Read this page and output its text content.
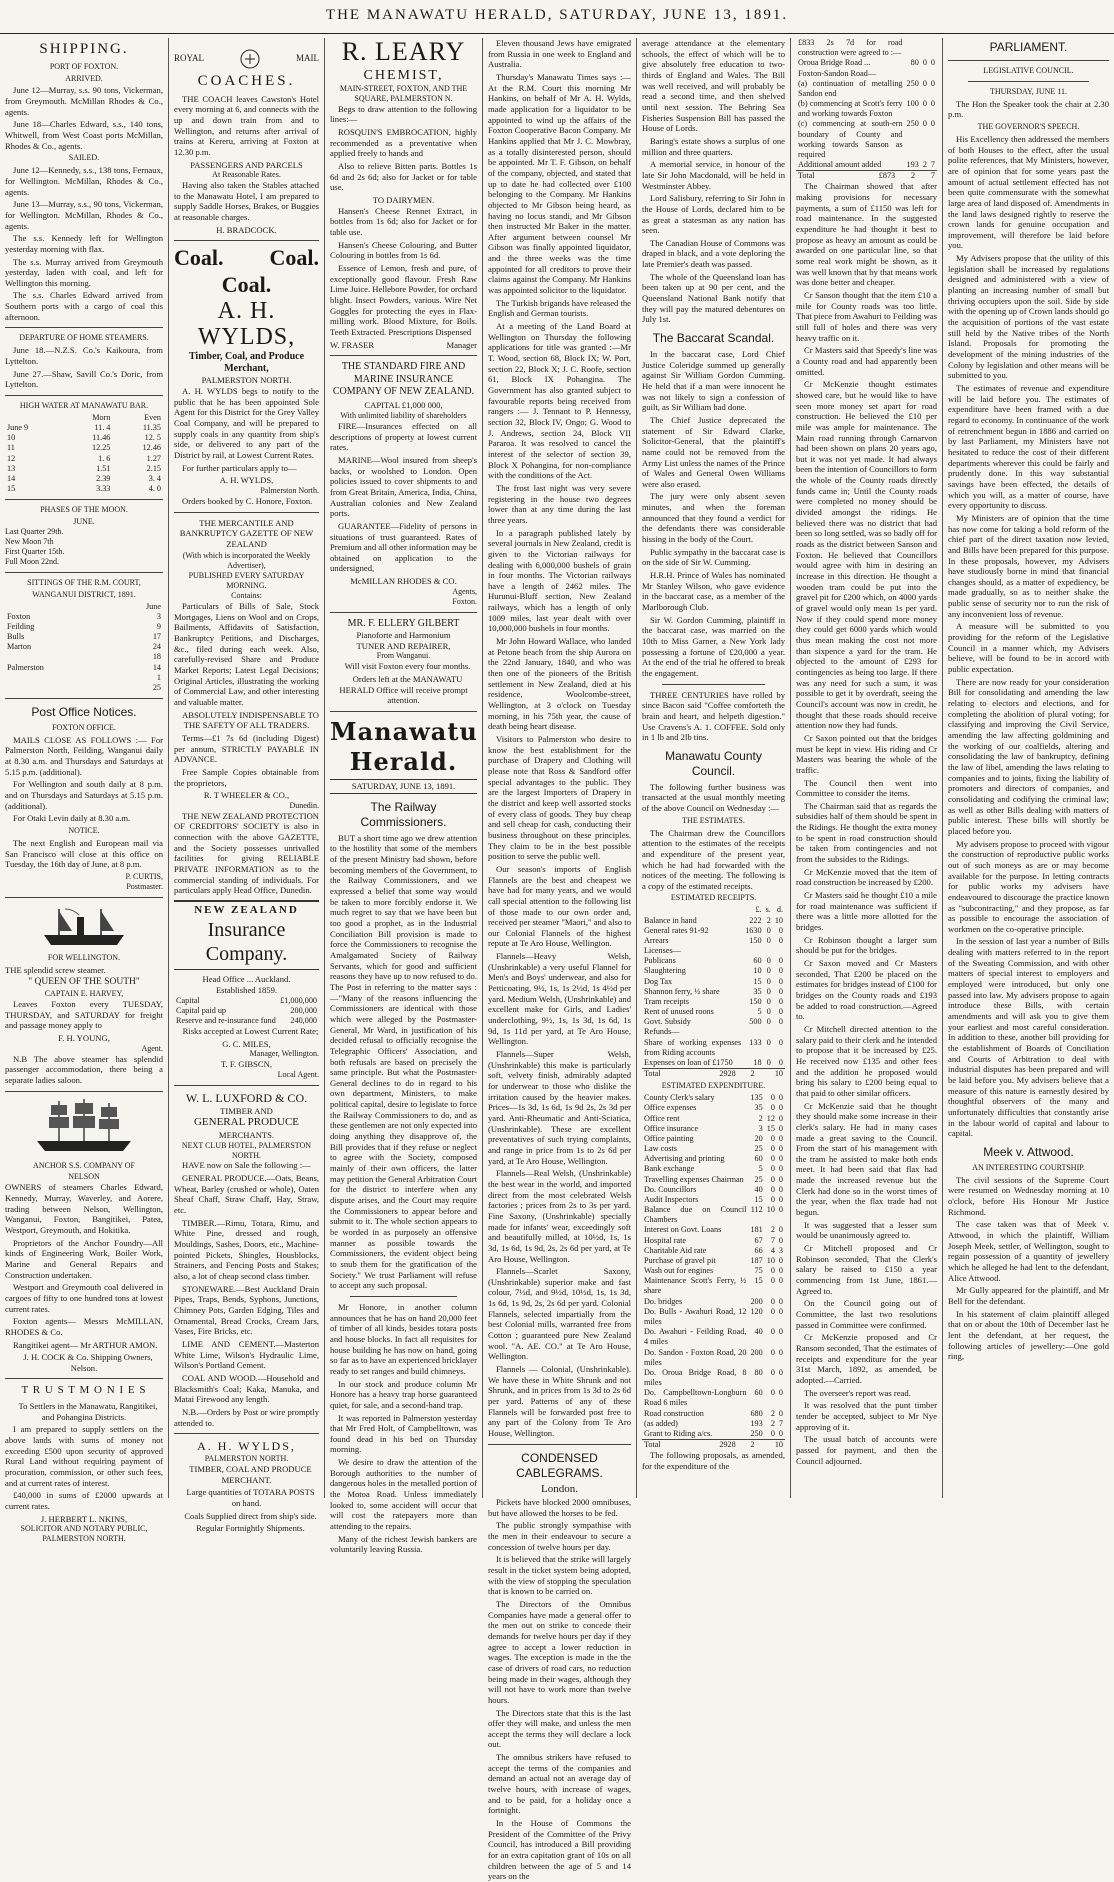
THE MANAWATU HERALD, SATURDAY, JUNE 13, 1891.
SHIPPING.
PORT OF FOXTON.
ARRIVED.

June 12—Murray, s.s. 90 tons, Vickerman, from Greymouth. McMillan Rhodes & Co., agents.

June 18—Charles Edward, s.s., 140 tons, Whitwell, from West Coast ports McMillan, Rhodes & Co., agents.

SAILED.

June 12—Kennedy, s.s., 138 tons, Fernaux, for Wellington. McMillan, Rhodes & Co., agents.

June 13—Murray, s.s., 90 tons, Vickerman, for Wellington. McMillan, Rhodes & Co., agents.

The s.s. Kennedy left for Wellington yesterday morning with flax.

The s.s. Murray arrived from Greymouth yesterday, laden with coal, and left for Wellington this morning.

The s.s. Charles Edward arrived from Southern ports with a cargo of coal this afternoon.

DEPARTURE OF HOME STEAMERS.

June 18.—N.Z.S. Co.'s Kaikoura, from Lyttelton.

June 27.—Shaw, Savill Co.'s Doric, from Lyttelton.

HIGH WATER AT MANAWATU BAR.
	Morn	Even
June 9	11. 4	11.35
10	11.46	12. 5
11	12.25	12.46
12	1. 6	1.27
13	1.51	2.15
14	2.39	3. 4
15	3.33	4. 0
PHASES OF THE MOON.
JUNE.
Last Quarter 29th.
New Moon 7th
First Quarter 15th.
Full Moon 22nd.
SITTINGS OF THE R.M. COURT,
WANGANUI DISTRICT, 1891.
	June
Foxton	3
Feilding	9
Bulls	17
Marton	24
	18
Palmerston	14
	1
	25
Post Office Notices.
FOXTON OFFICE.

MAILS CLOSE AS FOLLOWS :— For Palmerston North, Feilding, Wanganui daily at 8.30 a.m. and Thursdays and Saturdays at 5.15 p.m. (additional).

For Wellington and south daily at 8 p.m. and on Thursdays and Saturdays at 5.15 p.m. (additional).

For Otaki Levin daily at 8.30 a.m.

NOTICE.

The next English and European mail via San Francisco will close at this office on Tuesday, the 16th day of June, at 8 p.m.

P. CURTIS,
Postmaster.
FOR WELLINGTON.

THE splendid screw steamer.

" QUEEN OF THE SOUTH"
CAPTAIN E. HARVEY,

Leaves Foxton every TUESDAY, THURSDAY, and SATURDAY for freight and passage money apply to

F. H. YOUNG,
Agent.

N.B The above steamer has splendid passenger accommodation, there being a separate ladies saloon.

ANCHOR S.S. COMPANY OF
NELSON

OWNERS of steamers Charles Edward, Kennedy, Murray, Waverley, and Aorere, trading between Nelson, Wellington, Wanganui, Foxton, Bangitikei, Patea, Westport, Greymouth, and Hokitika.

Proprietors of the Anchor Foundry—All kinds of Engineering Work, Boiler Work, Marine and General Repairs and Construction undertaken.

Westport and Greymouth coal delivered in cargoes of fifty to one hundred tons at lowest current rates.

Foxton agents— Messrs McMILLAN, RHODES & Co.

Rangitikei agent— Mr ARTHUR AMON.

J. H. COCK & Co. Shipping Owners, Nelson.

T R U S T M O N I E S

To Settlers in the Manawatu, Rangitikei, and Pohangina Districts.

I am prepared to supply settlers on the above lands with sums of money not exceeding £500 upon security of approved Rural Land without requiring payment of procuration, commission, or other such fees, and at current rates of interest.

£40,000 in sums of £2000 upwards at current rates.

J. HERBERT L. NKINS,
SOLICITOR AND NOTARY PUBLIC, PALMERSTON NORTH.
ROYAL	MAIL
COACHES.

THE COACH leaves Cawston's Hotel every morning at 6, and connects with the up and down train from and to Wellington, and returns after arrival of trains at Kereru, arriving at Foxton at 12.30 p.m.

PASSENGERS AND PARCELS
At Reasonable Rates.

Having also taken the Stables attached to the Manawatu Hotel, I am prepared to supply Saddle Horses, Brakes, or Buggies at reasonable charges.

H. BRADCOCK.
Coal. Coal.
Coal.
A. H. WYLDS,
Timber, Coal, and Produce Merchant,
PALMERSTON NORTH.

A. H. WYLDS begs to notify to the public that he has been appointed Sole Agent for this District for the Grey Valley Coal Company, and will be prepared to supply coals in any quantity from ship's side, or delivered to any part of the District by rail, at Lowest Current Rates.

For further particulars apply to—

A. H. WYLDS,
Palmerston North.

Orders booked by C. Honore, Foxton.

THE MERCANTILE AND BANKRUPTCY GAZETTE OF NEW ZEALAND

(With which is incorporated the Weekly Advertiser),
PUBLISHED EVERY SATURDAY MORNING.
Contains:

Particulars of Bills of Sale, Stock Mortgages, Liens on Wool and on Crops, Bailments, Affidavits of Satisfaction, Bankruptcy Petitions, and Discharges, &c., filed during each week. Also, carefully-revised Share and Produce Market Reports; Latest Legal Decisions; Original Articles, illustrating the working of Commercial Law, and other interesting and valuable matter.

ABSOLUTELY INDISPENSABLE TO THE SAFETY OF ALL TRADERS.

Terms—£1 7s 6d (including Digest) per annum, STRICTLY PAYABLE IN ADVANCE.

Free Sample Copies obtainable from the proprietors,

R. T WHEELER & CO.,
Dunedin.

THE NEW ZEALAND PROTECTION OF CREDITORS' SOCIETY is also in connection with the above GAZETTE, and the Society possesses unrivalled facilities for giving RELIABLE PRIVATE INFORMATION as to the commercial standing of individuals. For particulars apply Head Office, Dunedin.

NEW ZEALAND
Insurance Company.
Head Office ... Auckland.
Established 1859.
Capital	£1,000,000
Capital paid up	200,000
Reserve and re-insurance fund	240,000

Risks accepted at Lowest Current Rate;

G. C. MILES,
Manager, Wellington.
T. F. GIBSCN,
Local Agent.
W. L. LUXFORD & CO.
TIMBER AND
GENERAL PRODUCE
MERCHANTS.
NEXT CLUB HOTEL, PALMERSTON NORTH.

HAVE now on Sale the following :—

GENERAL PRODUCE.—Oats, Beans, Wheat, Barley (crushed or whole), Oaten Sheaf Chaff, Straw Chaff, Hay, Straw, etc.

TIMBER.—Rimu, Totara, Rimu, and White Pine, dressed and rough, Mouldings, Sashes, Doors, etc., Machine-pointed Pickets, Shingles, Housblocks, Strainers, and Fencing Posts and Stakes; also, a lot of cheap second class timber.

STONEWARE.—Best Auckland Drain Pipes, Traps, Bends, Syphons, Junctions, Chimney Pots, Garden Edging, Tiles and Ornamental, Bread Crocks, Cream Jars, Vases, Fire Bricks, etc.

LIME AND CEMENT.—Masterton White Lime, Wilson's Hydraulic Lime, Wilson's Portland Cement.

COAL AND WOOD.—Household and Blacksmith's Coal; Kaka, Manuka, and Matai Firewood any length.

N.B.—Orders by Post or wire promptly attended to.

A. H. WYLDS,
PALMERSTON NORTH.

TIMBER, COAL AND PRODUCE MERCHANT.

Large quantities of TOTARA POSTS on hand.

Coals Supplied direct from ship's side.

Regular Fortnightly Shipments.

R. LEARY
CHEMIST,
MAIN-STREET, FOXTON, AND THE SQUARE, PALMERSTON N.

Begs to draw attention to the following lines:—

ROSQUIN'S EMBROCATION, highly recommended as a preventative when applied freely to hands and

Also to relieve Bitten parts. Bottles 1s 6d and 2s 6d; also for Jacket or for table use.

TO DAIRYMEN.

Hansen's Cheese Rennet Extract, in bottles from 1s 6d; also for Jacket or for table use.

Hansen's Cheese Colouring, and Butter Colouring in bottles from 1s 6d.

Essence of Lemon, fresh and pure, of exceptionally good flavour. Fresh Raw Lime Juice. Hellebore Powder, for orchard blight. Insect Powders, various. Wire Net Goggles for protecting the eyes in Flax-milling work. Blood Mixture, for Boils. Teeth Extracted. Prescriptions Dispensed

W. FRASER	Manager

THE STANDARD FIRE AND MARINE INSURANCE COMPANY OF NEW ZEALAND.

CAPITAL £1,000 000,
With unlimited liability of shareholders

FIRE—Insurances effected on all descriptions of property at lowest current rates.

MARINE—Wool insured from sheep's backs, or woolshed to London. Open policies issued to cover shipments to and from Great Britain, America, India, China, Australian colonies and New Zealand ports.

GUARANTEE—Fidelity of persons in situations of trust guaranteed. Rates of Premium and all other information may be obtained on application to the undersigned,

McMILLAN RHODES & CO.
Agents,
Foxton.
MR. F. ELLERY GILBERT
Pianoforte and Harmonium
TUNER AND REPAIRER,
From Wanganui.

Will visit Foxton every four months.

Orders left at the MANAWATU HERALD Office will receive prompt attention.

Manawatu Herald.
SATURDAY, JUNE 13, 1891.
The Railway Commissioners.

BUT a short time ago we drew attention to the hostility that some of the members of the present Ministry had shown, before becoming members of the Government, to the Railway Commissioners, and we expressed a belief that some way would be taken to more forcibly endorse it. We much regret to say that we have been but too good a prophet, as in the Industrial Conciliation Bill provision is made to force the Commissioners to recognise the Amalgamated Society of Railway Servants, which for good and sufficient reasons they have up to now refused to do. The Post in referring to the matter says :—"Many of the reasons influencing the Commissioners are identical with those which were alleged by the Postmaster-General, Mr Ward, in justification of his decided refusal to officially recognise the Telegraphic Officers' Association, and both refusals are based on precisely the same principle. But what the Postmaster-General declines to do in regard to his own department, Ministers, to make political capital, desire to legislate to force the Railway Commissioners to do, and as these gentlemen are not only expected into doing anything they disapprove of, the Bill provides that if they refuse or neglect to agree with the Society, composed mainly of their own officers, the latter may petition the General Arbitration Court for the district to interfere when any dispute arises, and the Court may require the Commissioners to appear before and submit to it. The whole section appears to be worded in as purposely an offensive manner as possible towards the Commissioners, the evident object being to snub them for the gratification of the Society." We trust Parliament will refuse to accept any such proposal.

Mr Honore, in another column announces that he has on hand 20,000 feet of timber of all kinds, besides totara posts and house blocks. In fact all requisites for house building he has now on hand, going so far as to have an experienced bricklayer ready to set ranges and build chimneys.

In our stock and produce column Mr Honore has a heavy trap horse guaranteed quiet, for sale, and a second-hand trap.

It was reported in Palmerston yesterday that Mr Fred Holt, of Campbelltown, was found dead in his bed on Thursday morning.

We desire to draw the attention of the Borough authorities to the number of dangerous holes in the metalled portion of the Motoa Road. Unless immediately looked to, some accident will occur that will cost the ratepayers more than attending to the repairs.

Many of the richest Jewish bankers are voluntarily leaving Russia.

Eleven thousand Jews have emigrated from Russia in one week to England and Australia.

Thursday's Manawatu Times says :—At the R.M. Court this morning Mr Hankins, on behalf of Mr A. H. Wylds, made application for a liquidator to be appointed to wind up the affairs of the Foxton Cooperative Bacon Company. Mr Hankins applied that Mr J. C. Mowbray, as a totally disinterested person, should be appointed. Mr T. F. Gibson, on behalf of the company, objected, and stated that up to date he had collected over £100 belonging to the Company. Mr Hankins objected to Mr Gibson being heard, as having no locus standi, and Mr Gibson then instructed Mr Baker in the matter. After argument between counsel Mr Gibson was finally appointed liquidator, and the three weeks was the time appointed for all creditors to prove their claims against the Company. Mr Hankins was appointed solicitor to the liquidator.

The Turkish brigands have released the English and German tourists.

At a meeting of the Land Board at Wellington on Thursday the following applications for title was granted :—Mr T. Wood, section 68, Block IX; W. Port, section 22, Block X; J. C. Roofe, section 61, Block IX Pohangina. The Government has also granted subject to favourable reports being received from rangers :— J. Tennant to P. Hennessy, section 32, Block IV, Ongo; G. Wood to J. Andrews, section 24, Block VII Pararoa. It was resolved to cancel the interest of the selector of section 39, Block X Pohangina, for non-compliance with the conditions of the Act.

The frost last night was very severe registering in the house two degrees lower than at any time during the last three years.

In a paragraph published lately by several journals in New Zealand, credit is given to the Victorian railways for dealing with 6,000,000 bushels of grain in four months. The Victorian railways have a length of 2462 miles. The Hurunui-Bluff section, New Zealand railways, which has a length of only 1009 miles, last year dealt with over 10,000,000 bushels in four months.

Mr John Howard Wallace, who landed at Petone beach from the ship Aurora on the 22nd January, 1840, and who was then one of the pioneers of the British settlement in New Zealand, died at his residence, Woolcombe-street, Wellington, at 3 o'clock on Tuesday morning, in his 75th year, the cause of death being heart disease.

Visitors to Palmerston who desire to know the best establishment for the purchase of Drapery and Clothing will please note that Ross & Sandford offer special advantages to the public. They are the largest Importers of Drapery in the district and keep well assorted stocks of every class of goods. They buy cheap and sell cheap for cash, conducting their business throughout on these principles. They claim to be in the best possible position to serve the public well.

Our season's imports of English Flannels are the best and cheapest we have had for many years, and we would call special attention to the following list of those made to our own order and, received per steamer "Maori," and also to our Colonial Flannels of the highest repute at Te Aro House, Wellington.

Flannels—Heavy Welsh, (Unshrinkable) a very useful Flannel for Men's and Boys' underwear, and also for Petticoating, 9½, 1s, 1s 2½d, 1s 4½d per yard. Medium Welsh, (Unshrinkable) and excellent make for Girls, and Ladies' underclothing, 9½, 1s, 1s 3d, 1s 6d, 1s 9d, 1s 11d per yard, at Te Aro House, Wellington.

Flannels—Super Welsh, (Unshrinkable) this make is particularly soft, velvety finish, admirably adapted for underwear to those who dislike the irritation caused by the heavier makes. Prices—1s 3d, 1s 6d, 1s 9d 2s, 2s 3d per yard. Anti-Rheumatic and Anti-Sciatica, (Unshrinkable). These are excellent preventatives of such trying complaints, and range in price from 1s to 2s 6d per yard, at Te Aro House, Wellington.

Flannels—Real Welsh, (Unshrinkable) the best wear in the world, and imported direct from the most celebrated Welsh factories ; prices from 2s to 3s per yard. Fine Saxony, (Unshrinkable) specially made for infants' wear, exceedingly soft and beautifully milled, at 10½d, 1s, 1s 3d, 1s 6d, 1s 9d, 2s, 2s 6d per yard, at Te Aro House, Wellington.

Flannels—Scarlet Saxony, (Unshrinkable) superior make and fast colour, 7½d, and 9½d, 10½d, 1s, 1s 3d, 1s 6d, 1s 9d, 2s, 2s 6d per yard. Colonial Flannels, selected impartially from the best Colonial mills, warranted free from Cotton ; guaranteed pure New Zealand wool. "A. AE. CO." at Te Aro House, Wellington.

Flannels — Colonial, (Unshrinkable). We have these in White Shrunk and not Shrunk, and in prices from 1s 3d to 2s 6d per yard. Patterns of any of these Flannels will be forwarded post free to any part of the Colony from Te Aro House, Wellington.

CONDENSED CABLEGRAMS.
London.

Pickets have blocked 2000 omnibuses, but have allowed the horses to be fed.

The public strongly sympathise with the men in their endeavour to secure a concession of twelve hours per day.

It is believed that the strike will largely result in the ticket system being adopted, with the view of stopping the speculation that is known to be carried on.

The Directors of the Omnibus Companies have made a general offer to the men out on strike to concede their demands for twelve hours per day if they agree to accept a lower reduction in wages. The exception is made in the the case of drivers of road cars, no reduction being made in their wages, although they will not have to work more than twelve hours.

The Directors state that this is the last offer they will make, and unless the men accept the terms they will declare a lock out.

The omnibus strikers have refused to accept the terms of the companies and demand an actual not an average day of twelve hours, with increase of wages, and to be paid, for a holiday once a fortnight.

In the House of Commons the President of the Committee of the Privy Council, has introduced a Bill providing for an extra capitation grant of 10s on all children between the age of 5 and 14 years on the

average attendance at the elementary schools, the effect of which will be to give absolutely free education to two-thirds of England and Wales. The Bill was well received, and will probably be read a second time, and then shelved until next session. The Behring Sea Fisheries Suspension Bill has passed the House of Lords.

Baring's estate shows a surplus of one million and three quarters.

A memorial service, in honour of the late Sir John Macdonald, will be held in Westminster Abbey.

Lord Salisbury, referring to Sir John in the House of Lords, declared him to be as great a statesman as any nation has seen.

The Canadian House of Commons was draped in black, and a vote deploring the late Premier's death was passed.

The whole of the Queensland loan has been taken up at 90 per cent, and the Queensland National Bank notify that they will pay the matured debentures on July 1st.

The Baccarat Scandal.

In the baccarat case, Lord Chief Justice Coleridge summed up generally against Sir William Gordon Cumming. He held that if a man were innocent he was not likely to sign a confession of guilt, as Sir William had done.

The Chief Justice deprecated the statement of Sir Edward Clarke, Solicitor-General, that the plaintiff's name could not be removed from the Army List unless the names of the Prince of Wales and General Owen Williams were also erased.

The jury were only absent seven minutes, and when the foreman announced that they found a verdict for the defendants there was considerable hissing in the body of the Court.

Public sympathy in the baccarat case is on the side of Sir W. Cumming.

H.R.H. Prince of Wales has nominated Mr Stanley Wilson, who gave evidence in the baccarat case, as a member of the Marlborough Club.

Sir W. Gordon Cumming, plaintiff in the baccarat case, was married on the 10th to Miss Garner, a New York lady possessing a fortune of £20,000 a year. At the end of the trial he offered to break the engagement.

THREE CENTURIES have rolled by since Bacon said "Coffee comforteth the brain and heart, and helpeth digestion." Use Cravens's A. 1. COFFEE. Sold only in 1 lb and 2lb tins.

Manawatu County Council.

The following further business was transacted at the usual monthly meeting of the above Council on Wednesday :—

THE ESTIMATES.

The Chairman drew the Councillors attention to the estimates of the receipts and expenditure of the present year, which he had had forwarded with the notices of the meeting. The following is a copy of the estimated receipts.

ESTIMATED RECEIPTS.
	£.	s.	d.
Balance in hand	222	2	10
General rates 91-92	1630	0	0
Arrears	150	0	0
Licenses—			
Publicans	60	0	0
Slaughtering	10	0	0
Dog Tax	15	0	0
Shannon ferry, ½ share	35	0	0
Tram receipts	150	0	0
Rent of unused roons	5	0	0
Govt. Subsidy	500	0	0
Refunds—			
Share of working expenses from Riding accounts	133	0	0
Expenses on loan of £1750	18	0	0
Total	2928	2	10
ESTIMATED EXPENDITURE.
County Clerk's salary	135	0	0
Office expenses	35	0	0
Office rent	2	12	0
Office insurance	3	15	0
Office painting	20	0	0
Law costs	25	0	0
Advertising and printing	60	0	0
Bank exchange	5	0	0
Travelling expenses Chairman	25	0	0
Do. Councillors	40	0	0
Audit Inspectors	15	0	0
Balance due on Council Chambers	112	10	0
Interest on Govt. Loans	181	2	0
Hospital rate	67	7	0
Charitable Aid rate	66	4	3
Purchase of gravel pit	187	10	0
Wash out for engines	75	0	0
Maintenance Scott's Ferry, ½ share	15	0	0
Do. bridges	200	0	0
Do. Bulls - Awahuri Road, 12 miles	120	0	0
Do. Awahuri - Feilding Road, 4 miles	40	0	0
Do. Sandon - Foxton Road, 20 miles	200	0	0
Do. Oroua Bridge Road, 8 miles	80	0	0
Do. Campbelltown-Longburn Road 6 miles	60	0	0
Road construction	680	2	0
(as added)	193	2	7
Grant to Riding a/cs.	250	0	0
Total	2928	2	10

The following proposals, as amended, for the expenditure of the

£833 2s 7d for road construction were agreed to :—			
Oroua Bridge Road ...	80	0	0
Foxton-Sandon Road—			
(a) continuation of metalling Sandon end	250	0	0
(b) commencing at Scott's ferry and working towards Foxton	100	0	0
(c) commencing at south-ern boundary of County and working towards Sanson as required	250	0	0
Additional amount added	193	2	7
Total	£873	2	7

The Chairman showed that after making provisions for necessary payments, a sum of £1150 was left for road maintenance. In the suggested expenditure he had thought it best to propose as heavy an amount as could be awarded on one particular line, so that some real work might be shown, as it was well known that by that means work was done better and cheaper.

Cr Sanson thought that the item £10 a mile for County roads was too little. That piece from Awahuri to Feilding was still full of holes and there was very heavy traffic on it.

Cr Masters said that Speedy's line was a County road and had apparently been omitted.

Cr McKenzie thought estimates showed care, but he would like to have seen more money set apart for road construction. He believed the £10 per mile was ample for maintenance. The Main road running through Carnarvon had been shown on plans 20 years ago, but it was not yet made. It had always been the intention of Councillors to form the whole of the County roads directly funds came in; Until the County roads were completed no money should be divided amongst the ridings. He believed there was no district that had been so long settled, was so badly off for roads as the district between Sanson and Foxton. He believed that Councillors would agree with him in desiring an increase in this direction. He thought a wooden tram could be put into the gravel pit for £200 which, on 4000 yards of gravel would only mean 1s per yard. Now if they could spend more money they could get 6000 yards which would thus mean making the cost not more than sixpence a yard for the tram. He objected to the amount of £293 for contingencies as being too large. If there was any need for such a sum, it was possible to get it by overdraft, seeing the Council's account was now in credit, he thought that these roads should receive attention now they had funds.

Cr Saxon pointed out that the bridges must be kept in view. His riding and Cr Masters was bearing the whole of the traffic.

The Council then went into Committee to consider the items.

The Chairman said that as regards the subsidies half of them should be spent in the Ridings. He thought the extra money to be spent in road construction should be taken from contingencies and not from the subsides to the Ridings.

Cr McKenzie moved that the item of road construction be increased by £200.

Cr Masters said he thought £10 a mile for road maintenance was sufficient if there was a little more allotted for the bridges.

Cr Robinson thought a larger sum should be put for the bridges.

Cr Saxon moved and Cr Masters seconded, That £200 be placed on the estimates for bridges instead of £100 for bridges on the County roads and £193 be added to road construction.—Agreed to.

Cr Mitchell directed attention to the salary paid to their clerk and he intended to propose that it be increased by £25. He received now £135 and other fees and the addition he proposed would bring his salary to £200 being equal to that paid to other similar officers.

Cr McKenzie said that he thought they should make some increase in their clerk's salary. He had in many cases made a great saving to the Council. From the start of his management with the tram he assisted to make both ends meet. It had been said that flax had made the increased revenue but the Clerk had done so in the worst times of the year, when the flax trade had not begun.

It was suggested that a lesser sum would be unanimously agreed to.

Cr Mitchell proposed and Cr Robinson seconded, That the Clerk's salary be raised to £150 a year commencing from 1st June, 1861.—Agreed to.

On the Council going out of Committee, the last two resolutions passed in Committee were confirmed.

Cr McKenzie proposed and Cr Ransom seconded, That the estimates of receipts and expenditure for the year 31st March, 1892, as amended, be adopted.—Carried.

The overseer's report was read.

It was resolved that the punt timber tender be accepted, subject to Mr Nye approving of it.

The usual batch of accounts were passed for payment, and then the Council adjourned.

PARLIAMENT.
LEGISLATIVE COUNCIL.
THURSDAY, JUNE 11.

The Hon the Speaker took the chair at 2.30 p.m.

THE GOVERNOR'S SPEECH.

His Excellency then addressed the members of both Houses to the effect, after the usual polite references, that My Ministers, however, are of opinion that for some years past the amount of actual settlement effected has not been quite commensurate with the somewhat large area of land disposed of. Amendments in the land laws designed rightly to reserve the crown lands for genuine occupation and improvement, will therefore be laid before you.

My Advisers propose that the utility of this legislation shall be increased by regulations designed and administered with a view of planting an increasing number of small but thriving occupiers upon the soil. Side by side with the opening up of Crown lands should go the acquisition of portions of the vast estate still held by the Native tribes of the North Island. Proposals for promoting the development of the mining industries of the Colony by legislation and other means will be submitted to you.

The estimates of revenue and expenditure will be laid before you. The estimates of expenditure have been framed with a due regard to economy. In continuance of the work of retrenchment begun in 1886 and carried on by last Parliament, my Ministers have not hesitated to reduce the cost of their different departments wherever this could be fairly and prudently done. In this way substantial savings have been effected, the details of which you will, as a matter of course, have every opportunity to discuss.

My Ministers are of opinion that the time has now come for taking a bold reform of the chief part of the direct taxation now levied, and Bills have been prepared for this purpose. In these proposals, however, my Advisers have studiously borne in mind that financial changes should, as a matter of expediency, be made gradually, so as to neither shake the public sense of security nor to run the risk of any inconvenient loss of revenue.

A measure will be submitted to you providing for the reform of the Legislative Council in a manner which, my Advisers believe, will be found to be in accord with public expectation.

There are now ready for your consideration Bill for consolidating and amending the law relating to electors and elections, and for completing the abolition of plural voting; for classifying and improving the Civil Service, amending the law affecting goldmining and the working of our coalfields, altering and consolidating the law of bankruptcy, defining the law of libel, amending the laws relating to companies and to joints, fixing the liability of promoters and directors of companies, and consolidating and codifying the criminal law; as well as other Bills dealing with matters of public interest. These bills will shortly be placed before you.

My advisers propose to proceed with vigour the construction of reproductive public works out of such moneys as are or may become available for the purpose. In letting contracts for public works my advisers have endeavoured to discourage the practice known as "subcontracting," and they propose, as far as possible to encourage the association of workmen on the co-operative principle.

In the session of last year a number of Bills dealing with matters referred to in the report of the Sweating Commission, and with other matters of special interest to employers and employed were introduced, but only one passed into law. My advisers propose to again introduce these Bills, with certain amendments and will ask you to give them your earliest and most careful consideration. In addition to these, another bill providing for the establishment of Boards of Conciliation and Courts of Arbitration to deal with industrial disputes has been prepared and will be laid before you. My advisers believe that a measure of this nature is earnestly desired by thoughtful observers of the many and unfortunately difficulties that constantly arise in the labour world of capital and labour to capital.

Meek v. Attwood.
AN INTERESTING COURTSHIP.

The civil sessions of the Supreme Court were resumed on Wednesday morning at 10 o'clock, before His Honour Mr Justice Richmond.

The case taken was that of Meek v. Attwood, in which the plaintiff, William Joseph Meek, settler, of Wellington, sought to regain possession of a quantity of jewellery which he alleged he had lent to the defendant, Alice Attwood.

Mr Gully appeared for the plaintiff, and Mr Bell for the defendant.

In his statement of claim plaintiff alleged that on or about the 10th of December last he lent the defendant, at her request, the following articles of jewellery:—One gold ring,
